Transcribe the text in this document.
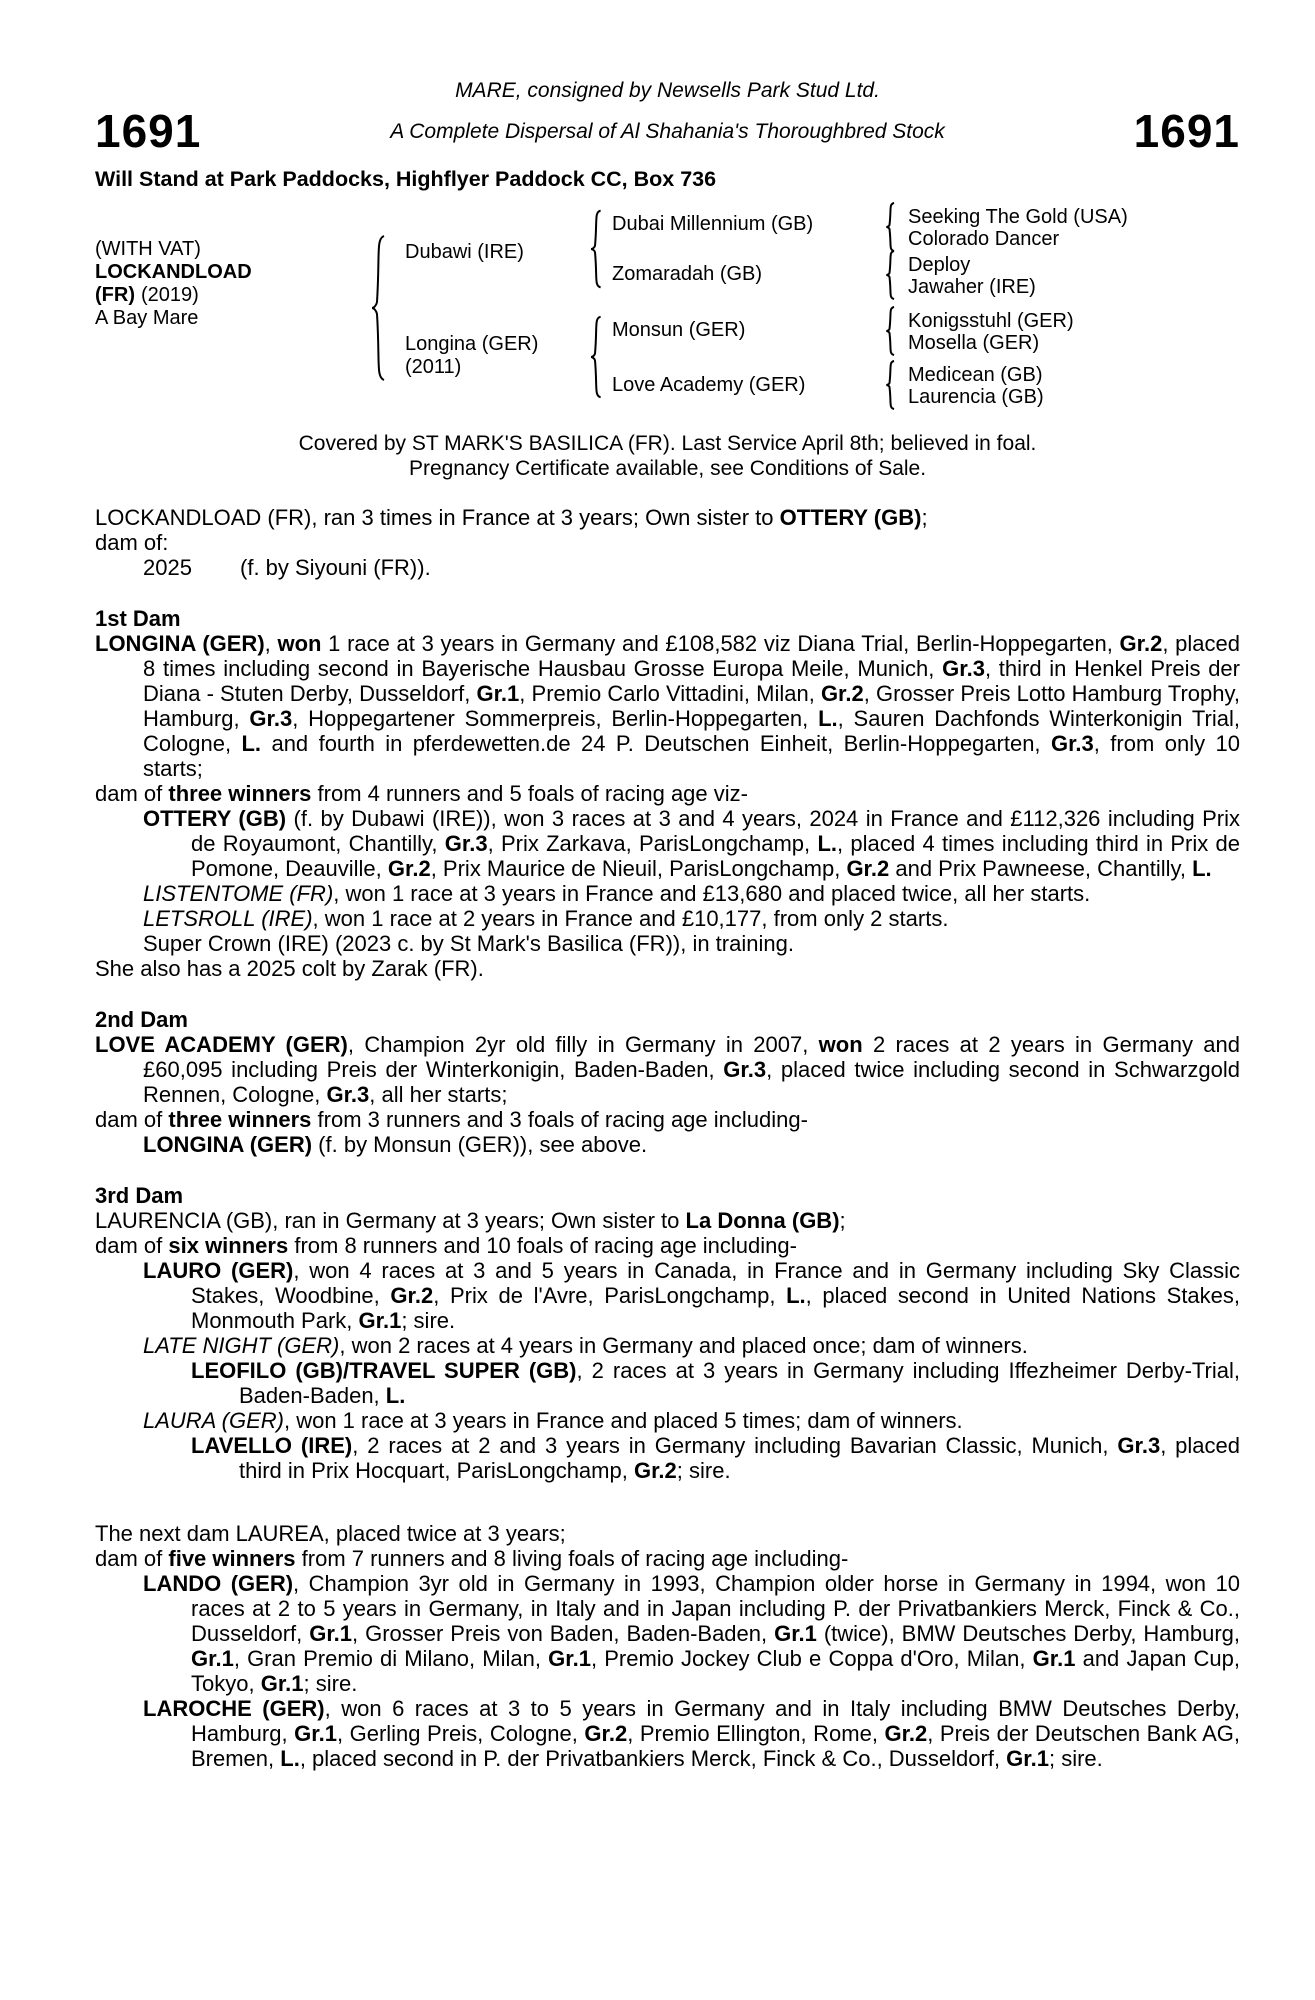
MARE, consigned by Newsells Park Stud Ltd.
1691	A Complete Dispersal of Al Shahania's Thoroughbred Stock	1691
Will Stand at Park Paddocks, Highflyer Paddock CC, Box 736
(WITH VAT)
LOCKANDLOAD
(FR) (2019)
A Bay Mare
Dubawi (IRE)
Longina (GER)
(2011)
Dubai Millennium (GB)
Zomaradah (GB)
Monsun (GER)
Love Academy (GER)
Seeking The Gold (USA)
Colorado Dancer
Deploy
Jawaher (IRE)
Konigsstuhl (GER)
Mosella (GER)
Medicean (GB)
Laurencia (GB)
Covered by ST MARK'S BASILICA (FR). Last Service April 8th; believed in foal.
Pregnancy Certificate available, see Conditions of Sale.
LOCKANDLOAD (FR), ran 3 times in France at 3 years; Own sister to OTTERY (GB);
dam of:
2025 (f. by Siyouni (FR)).
1st Dam
LONGINA (GER), won 1 race at 3 years in Germany and £108,582 viz Diana Trial, Berlin-Hoppegarten, Gr.2, placed 8 times including second in Bayerische Hausbau Grosse Europa Meile, Munich, Gr.3, third in Henkel Preis der Diana - Stuten Derby, Dusseldorf, Gr.1, Premio Carlo Vittadini, Milan, Gr.2, Grosser Preis Lotto Hamburg Trophy, Hamburg, Gr.3, Hoppegartener Sommerpreis, Berlin-Hoppegarten, L., Sauren Dachfonds Winterkonigin Trial, Cologne, L. and fourth in pferdewetten.de 24 P. Deutschen Einheit, Berlin-Hoppegarten, Gr.3, from only 10 starts;
dam of three winners from 4 runners and 5 foals of racing age viz-
OTTERY (GB) (f. by Dubawi (IRE)), won 3 races at 3 and 4 years, 2024 in France and £112,326 including Prix de Royaumont, Chantilly, Gr.3, Prix Zarkava, ParisLongchamp, L., placed 4 times including third in Prix de Pomone, Deauville, Gr.2, Prix Maurice de Nieuil, ParisLongchamp, Gr.2 and Prix Pawneese, Chantilly, L.
LISTENTOME (FR), won 1 race at 3 years in France and £13,680 and placed twice, all her starts.
LETSROLL (IRE), won 1 race at 2 years in France and £10,177, from only 2 starts.
Super Crown (IRE) (2023 c. by St Mark's Basilica (FR)), in training.
She also has a 2025 colt by Zarak (FR).
2nd Dam
LOVE ACADEMY (GER), Champion 2yr old filly in Germany in 2007, won 2 races at 2 years in Germany and £60,095 including Preis der Winterkonigin, Baden-Baden, Gr.3, placed twice including second in Schwarzgold Rennen, Cologne, Gr.3, all her starts;
dam of three winners from 3 runners and 3 foals of racing age including-
LONGINA (GER) (f. by Monsun (GER)), see above.
3rd Dam
LAURENCIA (GB), ran in Germany at 3 years; Own sister to La Donna (GB);
dam of six winners from 8 runners and 10 foals of racing age including-
LAURO (GER), won 4 races at 3 and 5 years in Canada, in France and in Germany including Sky Classic Stakes, Woodbine, Gr.2, Prix de l'Avre, ParisLongchamp, L., placed second in United Nations Stakes, Monmouth Park, Gr.1; sire.
LATE NIGHT (GER), won 2 races at 4 years in Germany and placed once; dam of winners.
LEOFILO (GB)/TRAVEL SUPER (GB), 2 races at 3 years in Germany including Iffezheimer Derby-Trial, Baden-Baden, L.
LAURA (GER), won 1 race at 3 years in France and placed 5 times; dam of winners.
LAVELLO (IRE), 2 races at 2 and 3 years in Germany including Bavarian Classic, Munich, Gr.3, placed third in Prix Hocquart, ParisLongchamp, Gr.2; sire.
The next dam LAUREA, placed twice at 3 years;
dam of five winners from 7 runners and 8 living foals of racing age including-
LANDO (GER), Champion 3yr old in Germany in 1993, Champion older horse in Germany in 1994, won 10 races at 2 to 5 years in Germany, in Italy and in Japan including P. der Privatbankiers Merck, Finck & Co., Dusseldorf, Gr.1, Grosser Preis von Baden, Baden-Baden, Gr.1 (twice), BMW Deutsches Derby, Hamburg, Gr.1, Gran Premio di Milano, Milan, Gr.1, Premio Jockey Club e Coppa d'Oro, Milan, Gr.1 and Japan Cup, Tokyo, Gr.1; sire.
LAROCHE (GER), won 6 races at 3 to 5 years in Germany and in Italy including BMW Deutsches Derby, Hamburg, Gr.1, Gerling Preis, Cologne, Gr.2, Premio Ellington, Rome, Gr.2, Preis der Deutschen Bank AG, Bremen, L., placed second in P. der Privatbankiers Merck, Finck & Co., Dusseldorf, Gr.1; sire.
